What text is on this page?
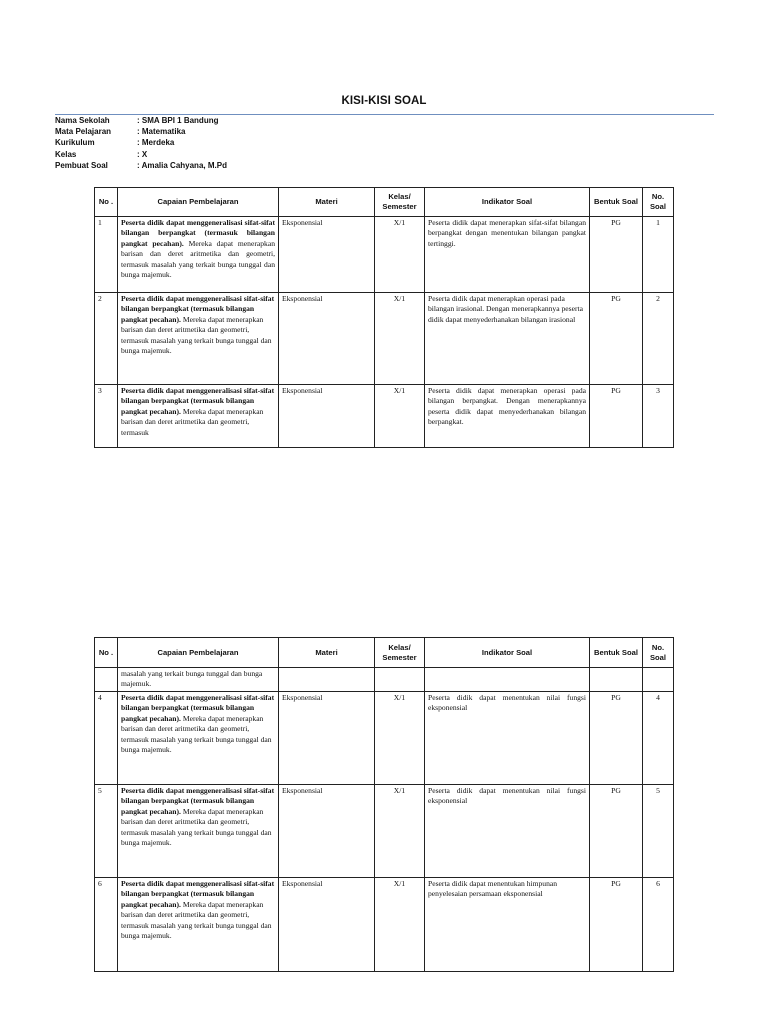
KISI-KISI SOAL
Nama Sekolah	: SMA BPI 1 Bandung
Mata Pelajaran	: Matematika
Kurikulum	: Merdeka
Kelas	: X
Pembuat Soal	: Amalia Cahyana, M.Pd
No .	Capaian Pembelajaran	Materi	Kelas/ Semester	Indikator Soal	Bentuk Soal	No. Soal
1	Peserta didik dapat menggeneralisasi sifat-sifat bilangan berpangkat (termasuk bilangan pangkat pecahan). Mereka dapat menerapkan barisan dan deret aritmetika dan geometri, termasuk masalah yang terkait bunga tunggal dan bunga majemuk.	Eksponensial	X/1	Peserta didik dapat menerapkan sifat-sifat bilangan berpangkat dengan menentukan bilangan pangkat tertinggi.	PG	1
2	Peserta didik dapat menggeneralisasi sifat-sifat bilangan berpangkat (termasuk bilangan pangkat pecahan). Mereka dapat menerapkan barisan dan deret aritmetika dan geometri, termasuk masalah yang terkait bunga tunggal dan bunga majemuk.	Eksponensial	X/1	Peserta didik dapat menerapkan operasi pada bilangan irasional. Dengan menerapkannya peserta didik dapat menyederhanakan bilangan irasional	PG	2
3	Peserta didik dapat menggeneralisasi sifat-sifat bilangan berpangkat (termasuk bilangan pangkat pecahan). Mereka dapat menerapkan barisan dan deret aritmetika dan geometri, termasuk	Eksponensial	X/1	Peserta didik dapat menerapkan operasi pada bilangan berpangkat. Dengan menerapkannya peserta didik dapat menyederhanakan bilangan berpangkat.	PG	3
No .	Capaian Pembelajaran	Materi	Kelas/ Semester	Indikator Soal	Bentuk Soal	No. Soal
	masalah yang terkait bunga tunggal dan bunga majemuk.					
4	Peserta didik dapat menggeneralisasi sifat-sifat bilangan berpangkat (termasuk bilangan pangkat pecahan). Mereka dapat menerapkan barisan dan deret aritmetika dan geometri, termasuk masalah yang terkait bunga tunggal dan bunga majemuk.	Eksponensial	X/1	Peserta didik dapat menentukan nilai fungsi eksponensial	PG	4
5	Peserta didik dapat menggeneralisasi sifat-sifat bilangan berpangkat (termasuk bilangan pangkat pecahan). Mereka dapat menerapkan barisan dan deret aritmetika dan geometri, termasuk masalah yang terkait bunga tunggal dan bunga majemuk.	Eksponensial	X/1	Peserta didik dapat menentukan nilai fungsi eksponensial	PG	5
6	Peserta didik dapat menggeneralisasi sifat-sifat bilangan berpangkat (termasuk bilangan pangkat pecahan). Mereka dapat menerapkan barisan dan deret aritmetika dan geometri, termasuk masalah yang terkait bunga tunggal dan bunga majemuk.	Eksponensial	X/1	Peserta didik dapat menentukan himpunan penyelesaian persamaan eksponensial	PG	6
